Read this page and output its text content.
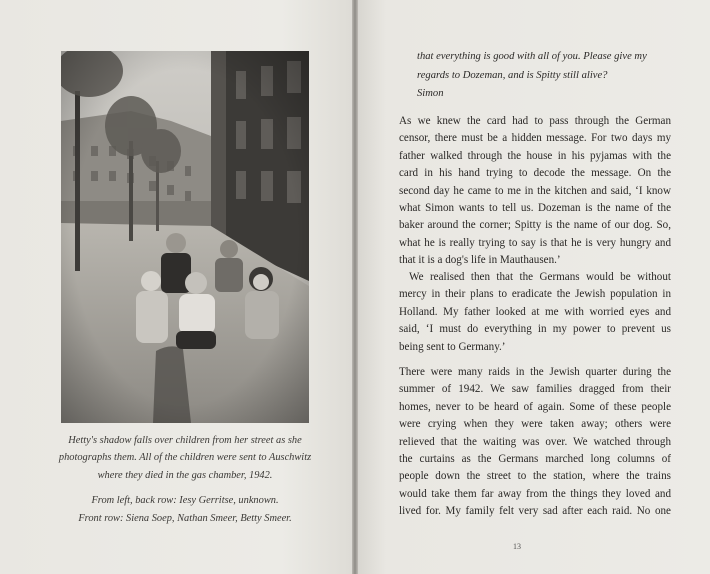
Hetty's shadow falls over children from her street as she
photographs them. All of the children were sent to Auschwitz
where they died in the gas chamber, 1942.
From left, back row: Iesy Gerritse, unknown.
Front row: Siena Soep, Nathan Smeer, Betty Smeer.
that everything is good with all of you. Please give my
regards to Dozeman, and is Spitty still alive?
Simon
As we knew the card had to pass through the German
censor, there must be a hidden message. For two days my
father walked through the house in his pyjamas with the
card in his hand trying to decode the message. On the
second day he came to me in the kitchen and said, ‘I know
what Simon wants to tell us. Dozeman is the name of the
baker around the corner; Spitty is the name of our dog. So,
what he is really trying to say is that he is very hungry and
that it is a dog's life in Mauthausen.’
We realised then that the Germans would be without
mercy in their plans to eradicate the Jewish population in
Holland. My father looked at me with worried eyes and
said, ‘I must do everything in my power to prevent us
being sent to Germany.’
There were many raids in the Jewish quarter during the
summer of 1942. We saw families dragged from their
homes, never to be heard of again. Some of these people
were crying when they were taken away; others were
relieved that the waiting was over. We watched through
the curtains as the Germans marched long columns of
people down the street to the station, where the trains
would take them far away from the things they loved and
lived for. My family felt very sad after each raid. No one
13
